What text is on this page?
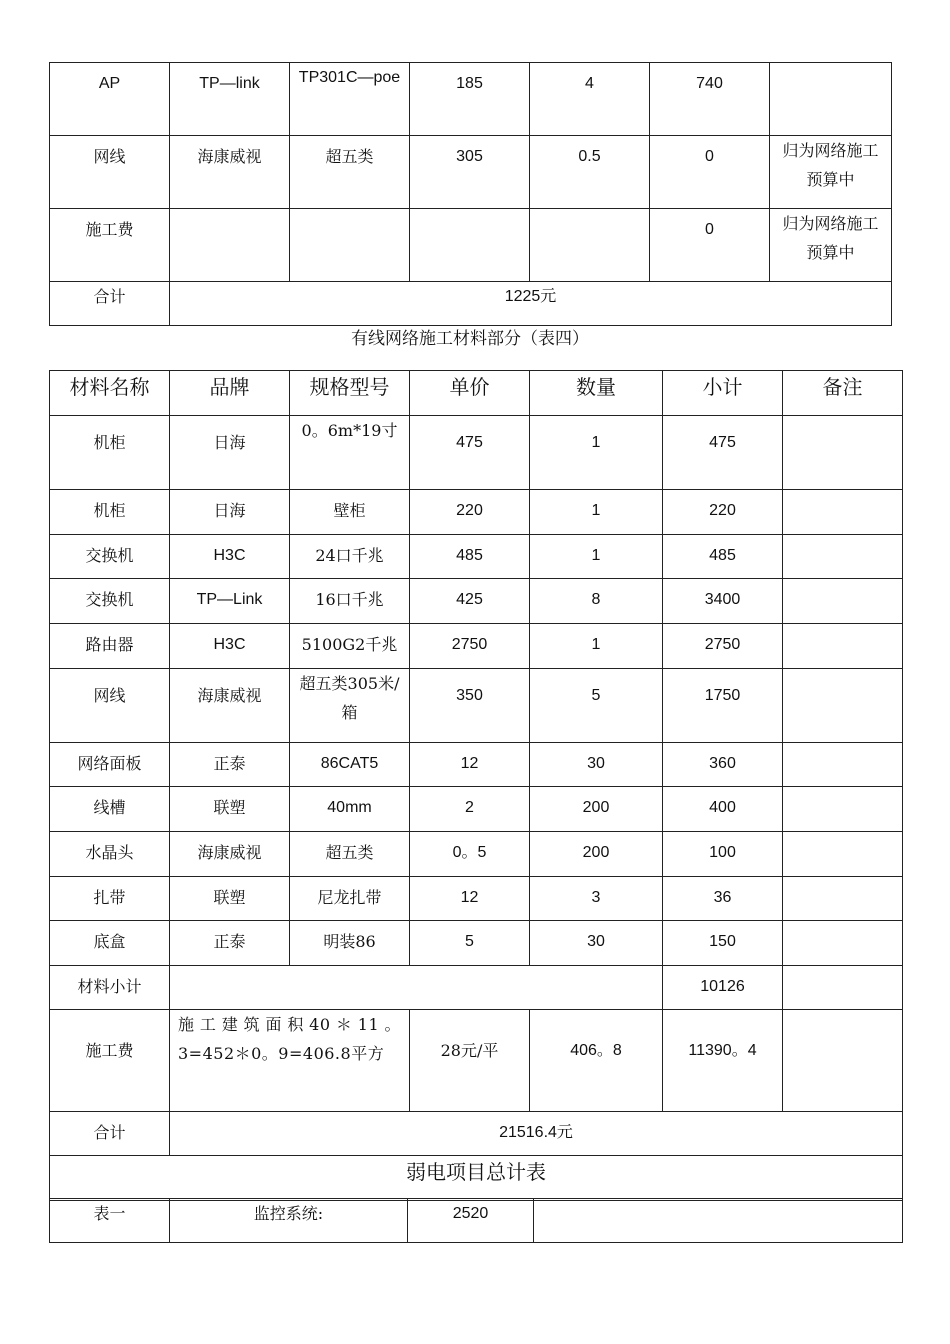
AP	TP—link	TP301C—poe	185	4	740	
网线	海康威视	超五类	305	0.5	0	归为网络施工预算中
施工费					0	归为网络施工预算中
合计	1225元					
有线网络施工材料部分（表四）
材料名称	品牌	规格型号	单价	数量	小计	备注
机柜	日海	0。6m*19寸	475	1	475	
机柜	日海	壁柜	220	1	220	
交换机	H3C	24口千兆	485	1	485	
交换机	TP—Link	16口千兆	425	8	3400	
路由器	H3C	5100G2千兆	2750	1	2750	
网线	海康威视	超五类305米/箱	350	5	1750	
网络面板	正泰	86CAT5	12	30	360	
线槽	联塑	40mm	2	200	400	
水晶头	海康威视	超五类	0。5	200	100	
扎带	联塑	尼龙扎带	12	3	36	
底盒	正泰	明装86	5	30	150	
材料小计					10126	
施工费	施工建筑面积40＊11。3=452＊0。9=406.8平方		28元/平	406。8	11390。4	
合计	21516.4元					
弱电项目总计表						
表一	监控系统:	2520	
